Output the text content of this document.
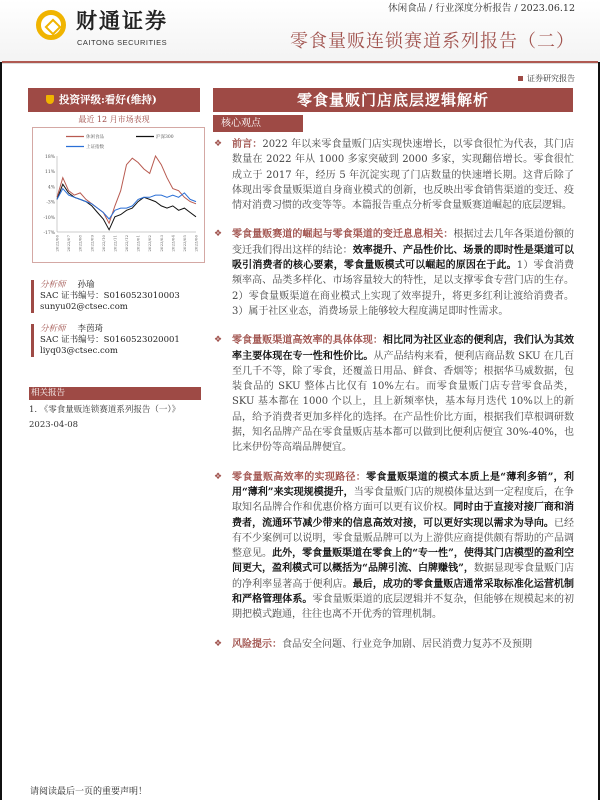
财通证券
CAITONG SECURITIES
休闲食品 / 行业深度分析报告 / 2023.06.12
零食量贩连锁赛道系列报告（二）
证券研究报告
投资评级:看好(维持)
最近 12 月市场表现
18%
11%
4%
-3%
-10%
-17%
2022/06 2022/07 2022/08 2022/09 2022/10 2022/11 2022/12 2023/01 2023/02 2023/03 2023/04 2023/05 2023/06
休闲食品	沪深300
上证指数
分析师 孙瑜
SAC 证书编号：S0160523010003
sunyu02@ctsec.com
分析师 李茵琦
SAC 证书编号：S0160523020001
liyq03@ctsec.com
相关报告
1. 《零食量贩连锁赛道系列报告（一）》
2023-04-08
零食量贩门店底层逻辑解析
核心观点
❖ 前言：2022 年以来零食量贩门店实现快速增长，以零食很忙为代表，其门店数量在 2022 年从 1000 多家突破到 2000 多家，实现翻倍增长。零食很忙成立于 2017 年，经历 5 年沉淀实现了门店数量的快速增长期。这背后除了体现出零食量贩渠道自身商业模式的创新，也反映出零食销售渠道的变迁、疫情对消费习惯的改变等等。本篇报告重点分析零食量贩赛道崛起的底层逻辑。
❖ 零食量贩赛道的崛起与零食渠道的变迁息息相关：根据过去几年各渠道份额的变迁我们得出这样的结论：效率提升、产品性价比、场景的即时性是渠道可以吸引消费者的核心要素，零食量贩模式可以崛起的原因在于此。1）零食消费频率高、品类多样化、市场容量较大的特性，足以支撑零食专营门店的生存。2）零食量贩渠道在商业模式上实现了效率提升，将更多红利让渡给消费者。3）属于社区业态，消费场景上能够较大程度满足即时性需求。
❖ 零食量贩渠道高效率的具体体现：相比同为社区业态的便利店，我们认为其效率主要体现在专一性和性价比。从产品结构来看，便利店商品数 SKU 在几百至几千不等，除了零食，还覆盖日用品、鲜食、香烟等；根据华马威数据，包装食品的 SKU 整体占比仅有 10%左右。而零食量贩门店专营零食品类，SKU 基本都在 1000 个以上，且上新频率快，基本每月迭代 10%以上的新品，给予消费者更加多样化的选择。在产品性价比方面，根据我们草根调研数据，知名品牌产品在零食量贩店基本都可以做到比便利店便宜 30%-40%，也比来伊份等高端品牌便宜。
❖ 零食量贩高效率的实现路径：零食量贩渠道的模式本质上是“薄利多销”，利用“薄利”来实现规模提升，当零食量贩门店的规模体量达到一定程度后，在争取知名品牌合作和优惠价格方面可以更有议价权。同时由于直接对接厂商和消费者，流通环节减少带来的信息高效对接，可以更好实现以需求为导向。已经有不少案例可以说明，零食量贩品牌可以为上游供应商提供颇有帮助的产品调整意见。此外，零食量贩渠道在零食上的“专一性”，使得其门店模型的盈利空间更大，盈利模式可以概括为“品牌引流、白牌赚钱”，数据显现零食量贩门店的净利率显著高于便利店。最后，成功的零食量贩店通常采取标准化运营机制和严格管理体系。零食量贩渠道的底层逻辑并不复杂，但能够在规模起来的初期把模式跑通，往往也离不开优秀的管理机制。
❖ 风险提示：食品安全问题、行业竞争加剧、居民消费力复苏不及预期
请阅读最后一页的重要声明！
